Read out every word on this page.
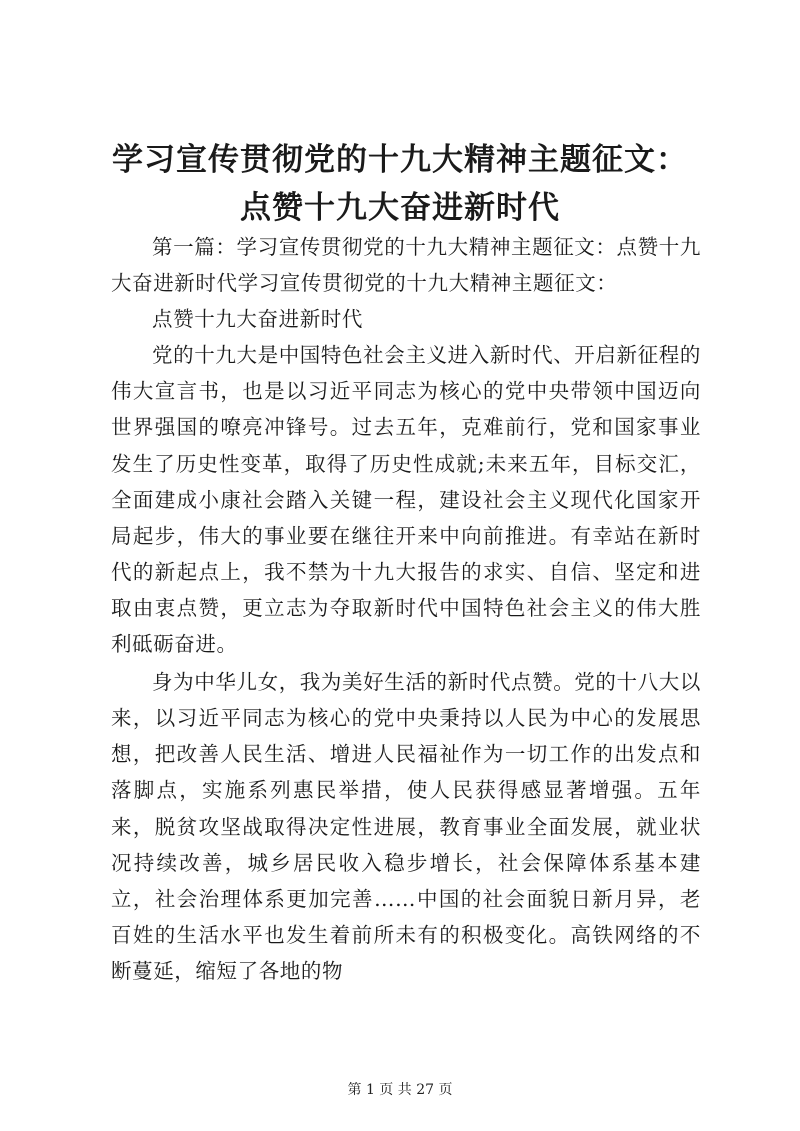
学习宣传贯彻党的十九大精神主题征文：点赞十九大奋进新时代

第一篇：学习宣传贯彻党的十九大精神主题征文：点赞十九大奋进新时代学习宣传贯彻党的十九大精神主题征文：

点赞十九大奋进新时代

党的十九大是中国特色社会主义进入新时代、开启新征程的伟大宣言书，也是以习近平同志为核心的党中央带领中国迈向世界强国的嘹亮冲锋号。过去五年，克难前行，党和国家事业发生了历史性变革，取得了历史性成就;未来五年，目标交汇，全面建成小康社会踏入关键一程，建设社会主义现代化国家开局起步，伟大的事业要在继往开来中向前推进。有幸站在新时代的新起点上，我不禁为十九大报告的求实、自信、坚定和进取由衷点赞，更立志为夺取新时代中国特色社会主义的伟大胜利砥砺奋进。

身为中华儿女，我为美好生活的新时代点赞。党的十八大以来，以习近平同志为核心的党中央秉持以人民为中心的发展思想，把改善人民生活、增进人民福祉作为一切工作的出发点和落脚点，实施系列惠民举措，使人民获得感显著增强。五年来，脱贫攻坚战取得决定性进展，教育事业全面发展，就业状况持续改善，城乡居民收入稳步增长，社会保障体系基本建立，社会治理体系更加完善……中国的社会面貌日新月异，老百姓的生活水平也发生着前所未有的积极变化。高铁网络的不断蔓延，缩短了各地的物

第 1 页 共 27 页
